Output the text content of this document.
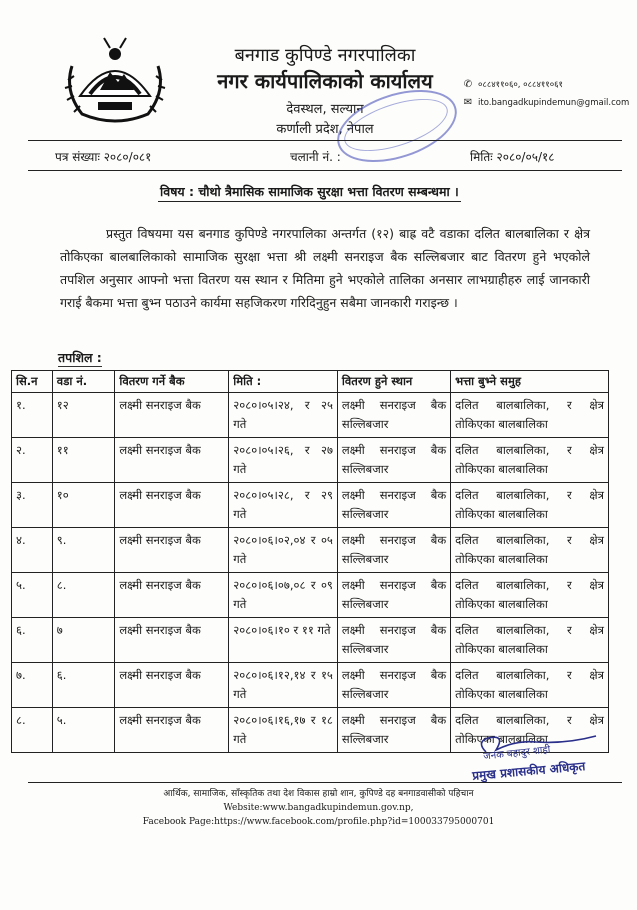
बनगाड कुपिण्डे नगरपालिका
नगर कार्यपालिकाको कार्यालय
देवस्थल, सल्यान
कर्णाली प्रदेश, नेपाल
✆ ०८८४११०६०, ०८८४११०६१
✉ ito.bangadkupindemun@gmail.com
पत्र संख्याः २०८०/०८१	चलानी नं. :	मितिः २०८०/०५/१८
विषय : चौथो त्रैमासिक सामाजिक सुरक्षा भत्ता वितरण सम्बन्धमा ।
प्रस्तुत विषयमा यस बनगाड कुपिण्डे नगरपालिका अन्तर्गत (१२) बाह्र वटै वडाका दलित बालबालिका र क्षेत्र तोकिएका बालबालिकाको सामाजिक सुरक्षा भत्ता श्री लक्ष्मी सनराइज बैक सल्लिबजार बाट वितरण हुने भएकोले तपशिल अनुसार आफ्नो भत्ता वितरण यस स्थान र मितिमा हुने भएकोले तालिका अनसार लाभग्राहीहरु लाई जानकारी गराई बैकमा भत्ता बुभ्न पठाउने कार्यमा सहजिकरण गरिदिनुहुन सबैमा जानकारी गराइन्छ ।
तपशिल :
सि.न	वडा नं.	वितरण गर्ने बैक	मिति :	वितरण हुने स्थान	भत्ता बुभ्ने समुह
१.	१२	लक्ष्मी सनराइज बैक	२०८०।०५।२४, र २५ गते	लक्ष्मी सनराइज बैक सल्लिबजार	दलित बालबालिका, र क्षेत्र तोकिएका बालबालिका
२.	११	लक्ष्मी सनराइज बैक	२०८०।०५।२६, र २७ गते	लक्ष्मी सनराइज बैक सल्लिबजार	दलित बालबालिका, र क्षेत्र तोकिएका बालबालिका
३.	१०	लक्ष्मी सनराइज बैक	२०८०।०५।२८, र २९ गते	लक्ष्मी सनराइज बैक सल्लिबजार	दलित बालबालिका, र क्षेत्र तोकिएका बालबालिका
४.	९.	लक्ष्मी सनराइज बैक	२०८०।०६।०२,०४ र ०५ गते	लक्ष्मी सनराइज बैक सल्लिबजार	दलित बालबालिका, र क्षेत्र तोकिएका बालबालिका
५.	८.	लक्ष्मी सनराइज बैक	२०८०।०६।०७,०८ र ०९ गते	लक्ष्मी सनराइज बैक सल्लिबजार	दलित बालबालिका, र क्षेत्र तोकिएका बालबालिका
६.	७	लक्ष्मी सनराइज बैक	२०८०।०६।१० र ११ गते	लक्ष्मी सनराइज बैक सल्लिबजार	दलित बालबालिका, र क्षेत्र तोकिएका बालबालिका
७.	६.	लक्ष्मी सनराइज बैक	२०८०।०६।१२,१४ र १५ गते	लक्ष्मी सनराइज बैक सल्लिबजार	दलित बालबालिका, र क्षेत्र तोकिएका बालबालिका
८.	५.	लक्ष्मी सनराइज बैक	२०८०।०६।१६,१७ र १८ गते	लक्ष्मी सनराइज बैक सल्लिबजार	दलित बालबालिका, र क्षेत्र तोकिएका बालबालिका
जनक बहादुर शाही
प्रमुख प्रशासकीय अधिकृत
आर्थिक, सामाजिक, साँस्कृतिक तथा देश विकास हाम्रो शान, कुपिण्डे दह बनगाडवासीको पहिचान
Website:www.bangadkupindemun.gov.np,
Facebook Page:https://www.facebook.com/profile.php?id=100033795000701
